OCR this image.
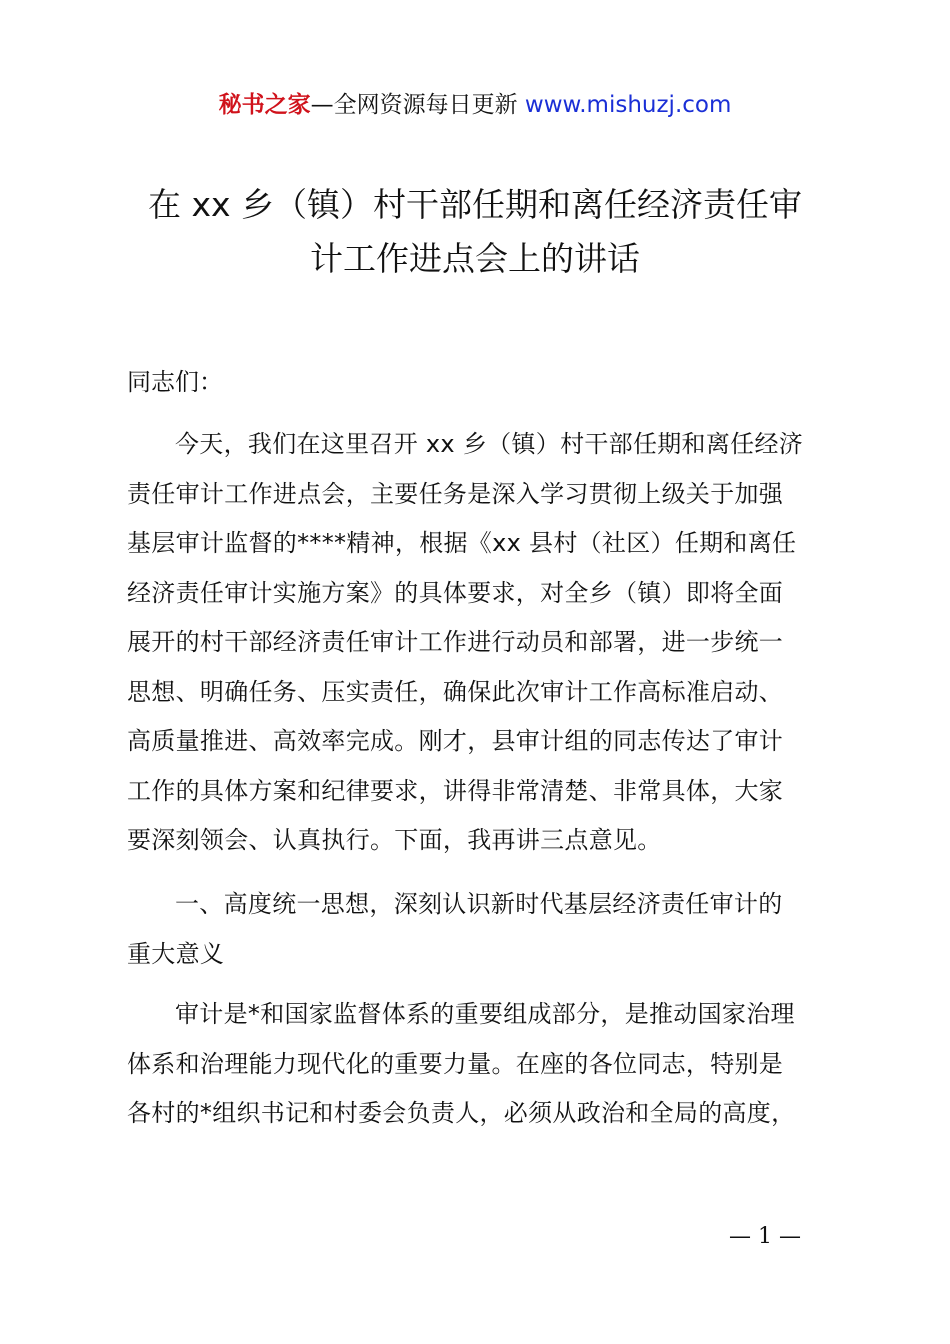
秘书之家—全网资源每日更新 www.mishuzj.com
在 xx 乡（镇）村干部任期和离任经济责任审
计工作进点会上的讲话
同志们：
今天，我们在这里召开 xx 乡（镇）村干部任期和离任经济
责任审计工作进点会，主要任务是深入学习贯彻上级关于加强
基层审计监督的****精神，根据《xx 县村（社区）任期和离任
经济责任审计实施方案》的具体要求，对全乡（镇）即将全面
展开的村干部经济责任审计工作进行动员和部署，进一步统一
思想、明确任务、压实责任，确保此次审计工作高标准启动、
高质量推进、高效率完成。刚才，县审计组的同志传达了审计
工作的具体方案和纪律要求，讲得非常清楚、非常具体，大家
要深刻领会、认真执行。下面，我再讲三点意见。
一、高度统一思想，深刻认识新时代基层经济责任审计的
重大意义
审计是*和国家监督体系的重要组成部分，是推动国家治理
体系和治理能力现代化的重要力量。在座的各位同志，特别是
各村的*组织书记和村委会负责人，必须从政治和全局的高度，
— 1 —
